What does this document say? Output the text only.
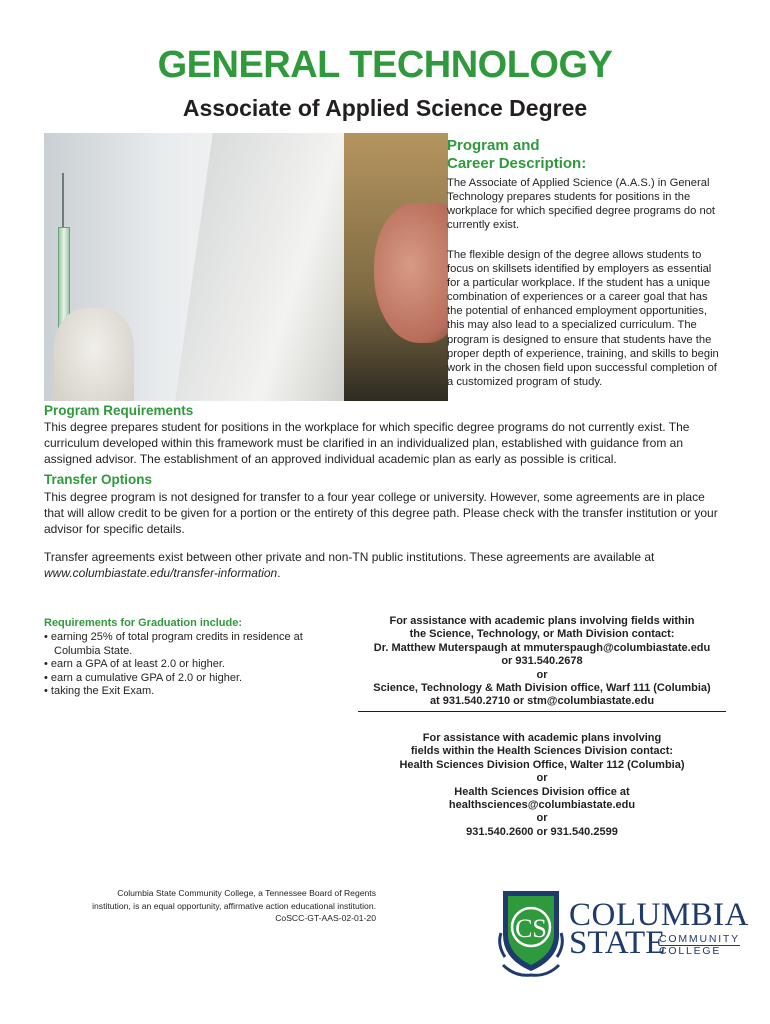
GENERAL TECHNOLOGY
Associate of Applied Science Degree
Program and
Career Description:
The Associate of Applied Science (A.A.S.) in General Technology prepares students for positions in the workplace for which specified degree programs do not currently exist.
The flexible design of the degree allows students to focus on skillsets identified by employers as essential for a particular workplace. If the student has a unique combination of experiences or a career goal that has the potential of enhanced employment opportunities, this may also lead to a specialized curriculum. The program is designed to ensure that students have the proper depth of experience, training, and skills to begin work in the chosen field upon successful completion of a customized program of study.
Program Requirements
This degree prepares student for positions in the workplace for which specific degree programs do not currently exist. The curriculum developed within this framework must be clarified in an individualized plan, established with guidance from an assigned advisor. The establishment of an approved individual academic plan as early as possible is critical.
Transfer Options
This degree program is not designed for transfer to a four year college or university. However, some agreements are in place that will allow credit to be given for a portion or the entirety of this degree path. Please check with the transfer institution or your advisor for specific details.
Transfer agreements exist between other private and non-TN public institutions. These agreements are available at
www.columbiastate.edu/transfer-information.
Requirements for Graduation include:
• earning 25% of total program credits in residence at Columbia State.
• earn a GPA of at least 2.0 or higher.
• earn a cumulative GPA of 2.0 or higher.
• taking the Exit Exam.
For assistance with academic plans involving fields within
the Science, Technology, or Math Division contact:
Dr. Matthew Muterspaugh at mmuterspaugh@columbiastate.edu
or 931.540.2678
or
Science, Technology & Math Division office, Warf 111 (Columbia)
at 931.540.2710 or stm@columbiastate.edu
For assistance with academic plans involving
fields within the Health Sciences Division contact:
Health Sciences Division Office, Walter 112 (Columbia)
or
Health Sciences Division office at
healthsciences@columbiastate.edu
or
931.540.2600 or 931.540.2599
Columbia State Community College, a Tennessee Board of Regents
institution, is an equal opportunity, affirmative action educational institution.
CoSCC-GT-AAS-02-01-20	CS COLUMBIA
STATE
COMMUNITY
COLLEGE
